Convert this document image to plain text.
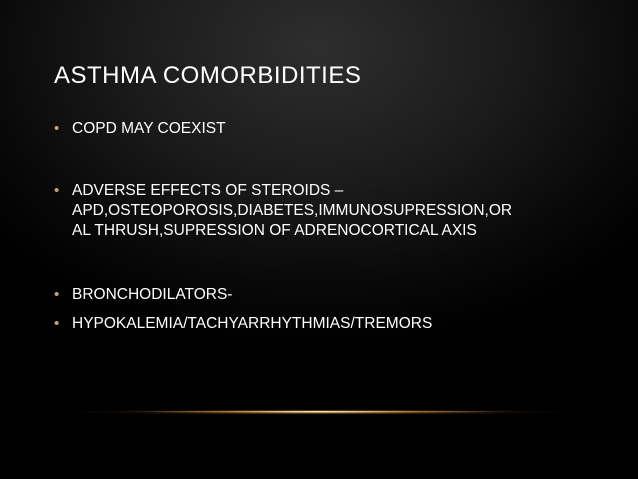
ASTHMA COMORBIDITIES
• COPD MAY COEXIST
• ADVERSE EFFECTS OF STEROIDS –
APD,OSTEOPOROSIS,DIABETES,IMMUNOSUPRESSION,OR
AL THRUSH,SUPRESSION OF ADRENOCORTICAL AXIS
• BRONCHODILATORS-
• HYPOKALEMIA/TACHYARRHYTHMIAS/TREMORS
